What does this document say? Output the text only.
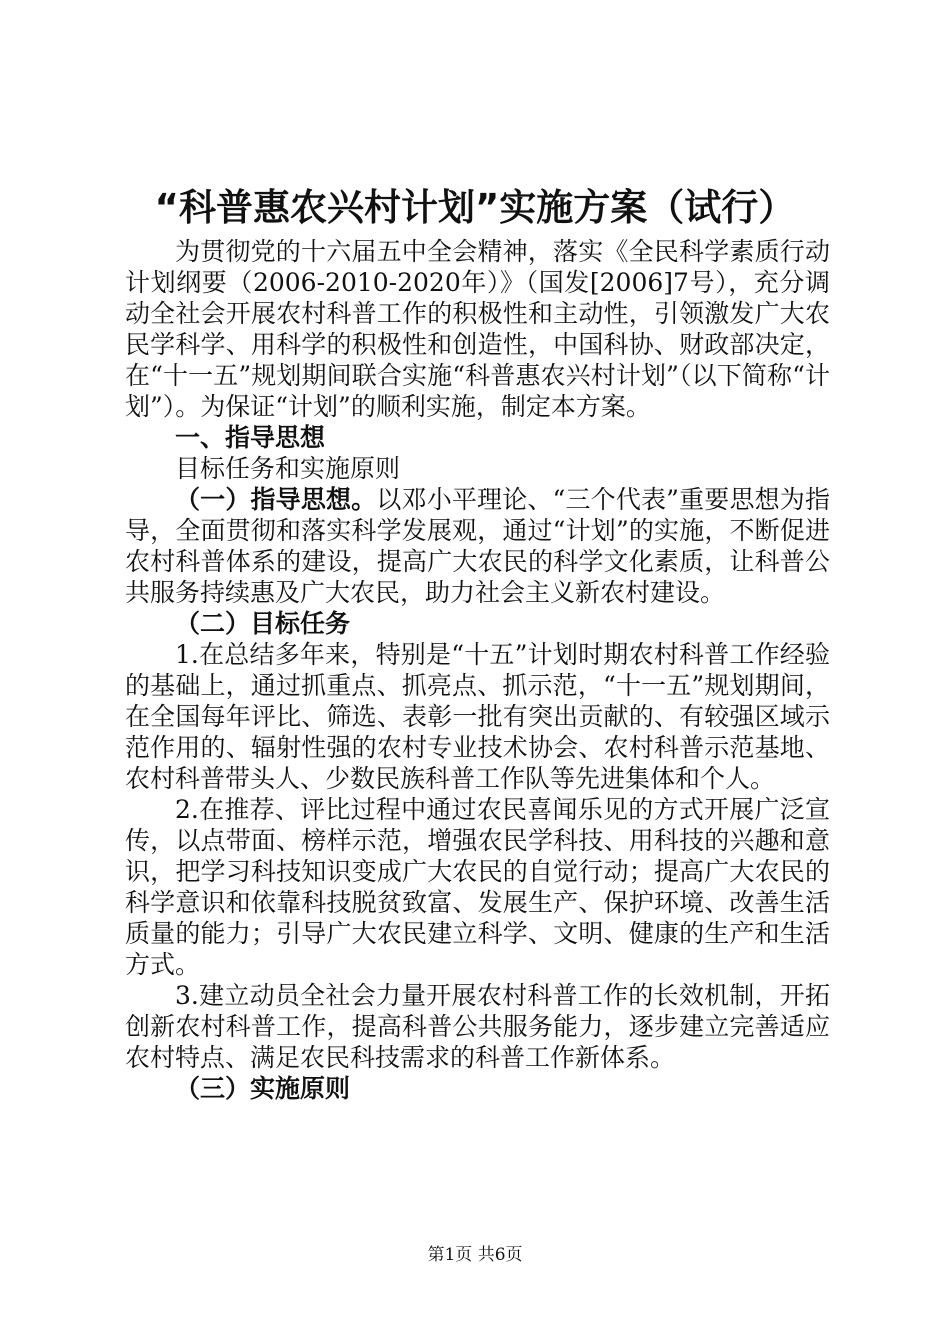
“科普惠农兴村计划”实施方案（试行）

为贯彻党的十六届五中全会精神，落实《全民科学素质行动计划纲要（2006-2010-2020年）》（国发[2006]7号），充分调动全社会开展农村科普工作的积极性和主动性，引领激发广大农民学科学、用科学的积极性和创造性，中国科协、财政部决定，在“十一五”规划期间联合实施“科普惠农兴村计划”（以下简称“计划”）。为保证“计划”的顺利实施，制定本方案。

一、指导思想

目标任务和实施原则

（一）指导思想。以邓小平理论、“三个代表”重要思想为指导，全面贯彻和落实科学发展观，通过“计划”的实施，不断促进农村科普体系的建设，提高广大农民的科学文化素质，让科普公共服务持续惠及广大农民，助力社会主义新农村建设。

（二）目标任务

1.在总结多年来，特别是“十五”计划时期农村科普工作经验的基础上，通过抓重点、抓亮点、抓示范，“十一五”规划期间，在全国每年评比、筛选、表彰一批有突出贡献的、有较强区域示范作用的、辐射性强的农村专业技术协会、农村科普示范基地、农村科普带头人、少数民族科普工作队等先进集体和个人。

2.在推荐、评比过程中通过农民喜闻乐见的方式开展广泛宣传，以点带面、榜样示范，增强农民学科技、用科技的兴趣和意识，把学习科技知识变成广大农民的自觉行动；提高广大农民的科学意识和依靠科技脱贫致富、发展生产、保护环境、改善生活质量的能力；引导广大农民建立科学、文明、健康的生产和生活方式。

3.建立动员全社会力量开展农村科普工作的长效机制，开拓创新农村科普工作，提高科普公共服务能力，逐步建立完善适应农村特点、满足农民科技需求的科普工作新体系。

（三）实施原则

第1页 共6页
